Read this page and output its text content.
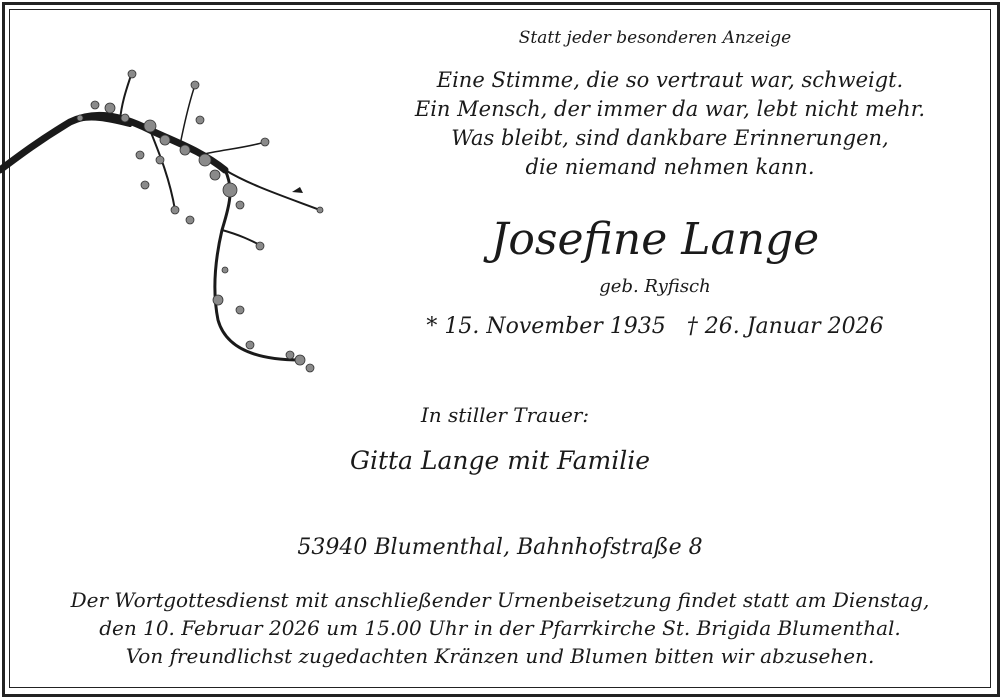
Statt jeder besonderen Anzeige
Eine Stimme, die so vertraut war, schweigt.
Ein Mensch, der immer da war, lebt nicht mehr.
Was bleibt, sind dankbare Erinnerungen,
die niemand nehmen kann.
Josefine Lange
geb. Ryfisch
* 15. November 1935 † 26. Januar 2026
In stiller Trauer:
Gitta Lange mit Familie
53940 Blumenthal, Bahnhofstraße 8
Der Wortgottesdienst mit anschließender Urnenbeisetzung findet statt am Dienstag,
den 10. Februar 2026 um 15.00 Uhr in der Pfarrkirche St. Brigida Blumenthal.
Von freundlichst zugedachten Kränzen und Blumen bitten wir abzusehen.
